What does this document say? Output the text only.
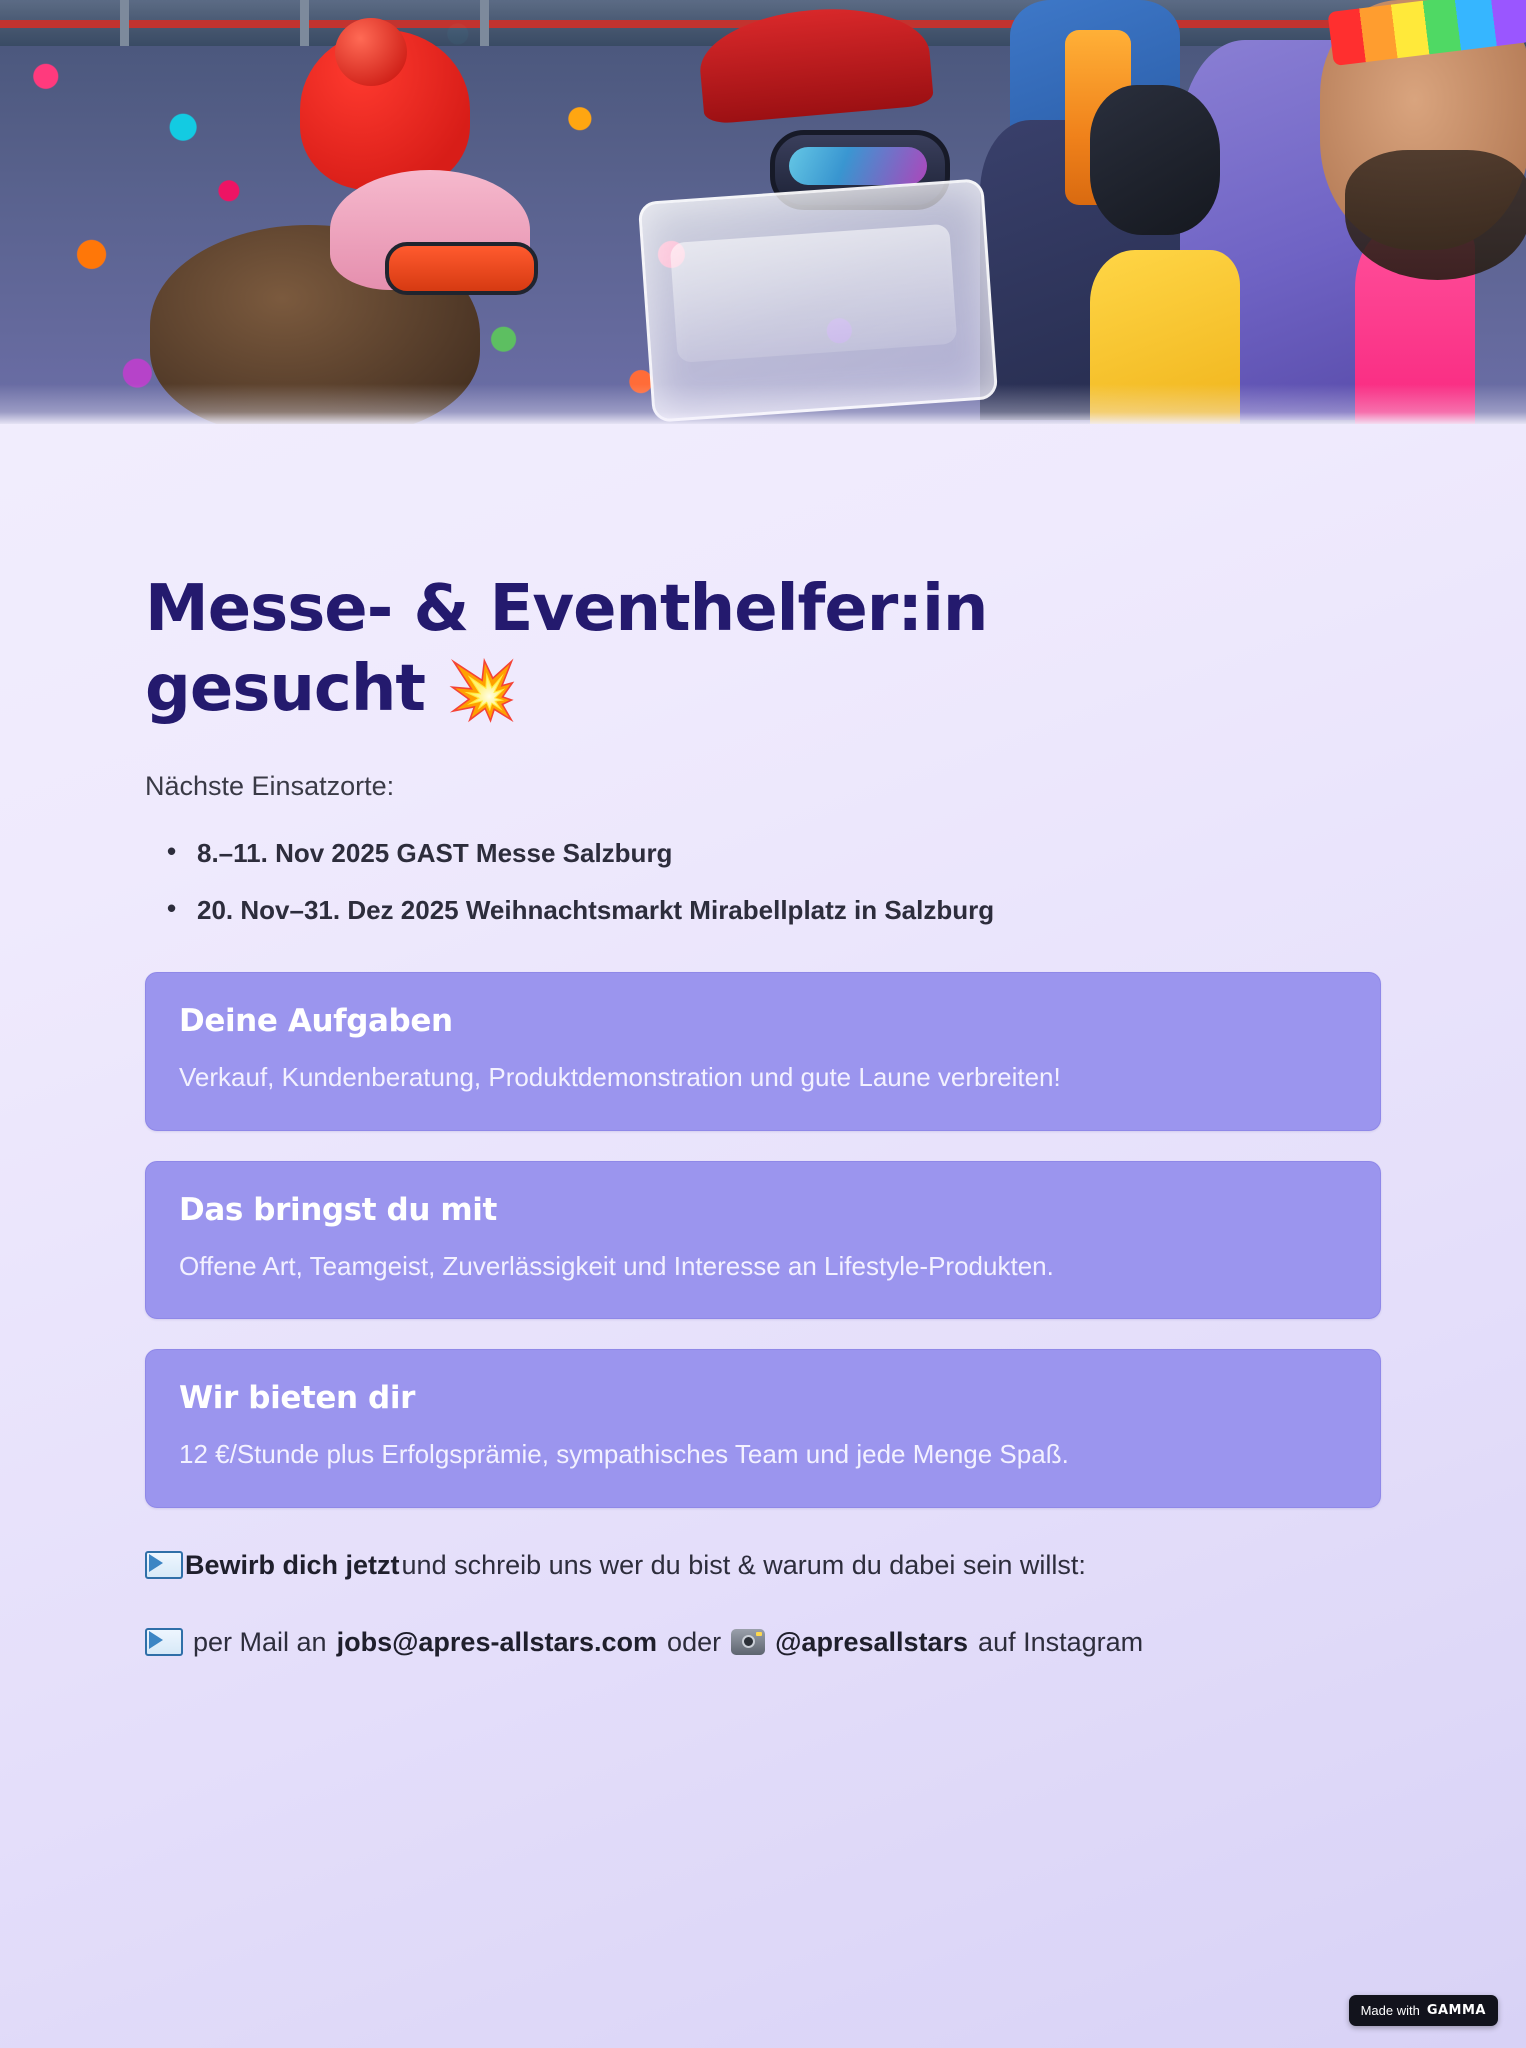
Messe- & Eventhelfer:in
gesucht 💥

Nächste Einsatzorte:

• 8.–11. Nov 2025 GAST Messe Salzburg
• 20. Nov–31. Dez 2025 Weihnachtsmarkt Mirabellplatz in Salzburg
Deine Aufgaben

Verkauf, Kundenberatung, Produktdemonstration und gute Laune verbreiten!

Das bringst du mit

Offene Art, Teamgeist, Zuverlässigkeit und Interesse an Lifestyle-Produkten.

Wir bieten dir

12 €/Stunde plus Erfolgsprämie, sympathisches Team und jede Menge Spaß.

Bewirb dich jetzt und schreib uns wer du bist & warum du dabei sein willst:
per Mail an jobs@apres-allstars.com oder @apresallstars auf Instagram
Made with GAMMA
